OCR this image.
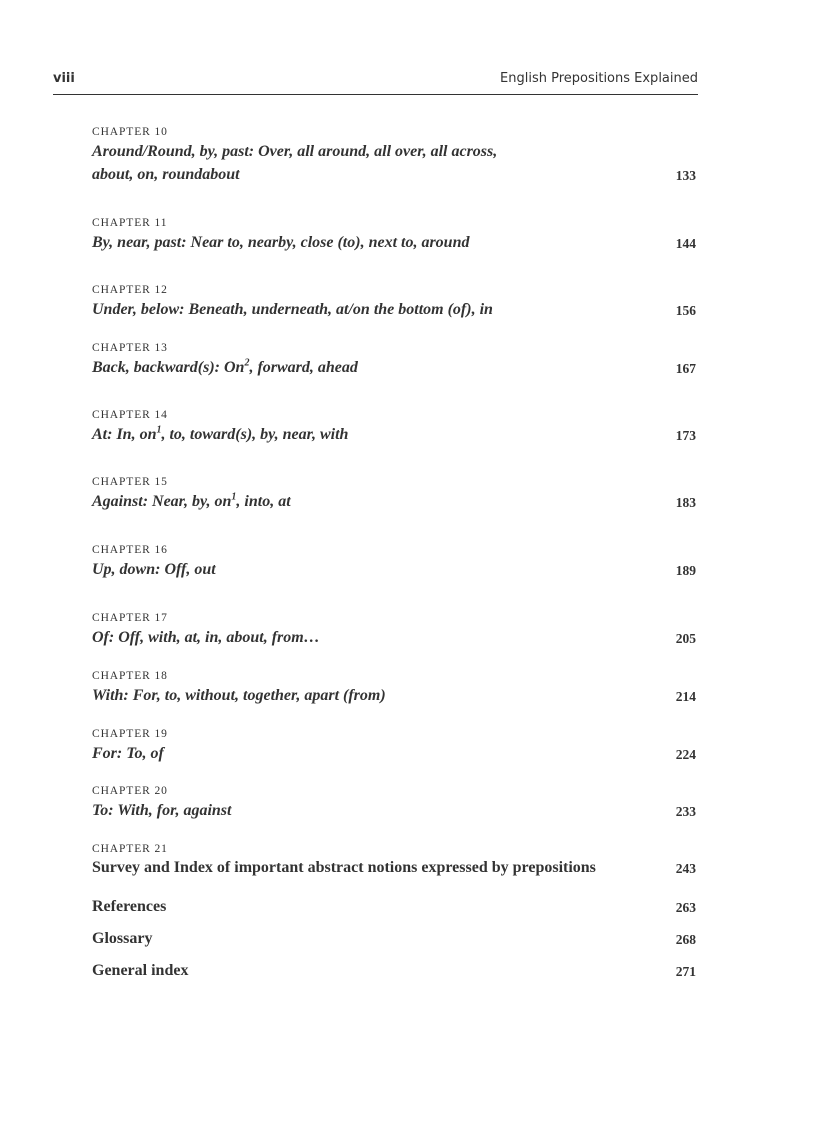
viii	English Prepositions Explained
CHAPTER 10
Around/Round, by, past: Over, all around, all over, all across,
about, on, roundabout	133
CHAPTER 11
By, near, past: Near to, nearby, close (to), next to, around	144
CHAPTER 12
Under, below: Beneath, underneath, at/on the bottom (of), in	156
CHAPTER 13
Back, backward(s): On$^2$, forward, ahead	167
CHAPTER 14
At: In, $on^1$, to, toward(s), by, near, with	173
CHAPTER 15
Against: Near, by, $on^1$, into, at	183
CHAPTER 16
Up, down: Off, out	189
CHAPTER 17
Of: Off, with, at, in, about, from…	205
CHAPTER 18
With: For, to, without, together, apart (from)	214
CHAPTER 19
For: To, of	224
CHAPTER 20
To: With, for, against	233
CHAPTER 21
Survey and Index of important abstract notions expressed by prepositions	243
References	263
Glossary	268
General index	271
